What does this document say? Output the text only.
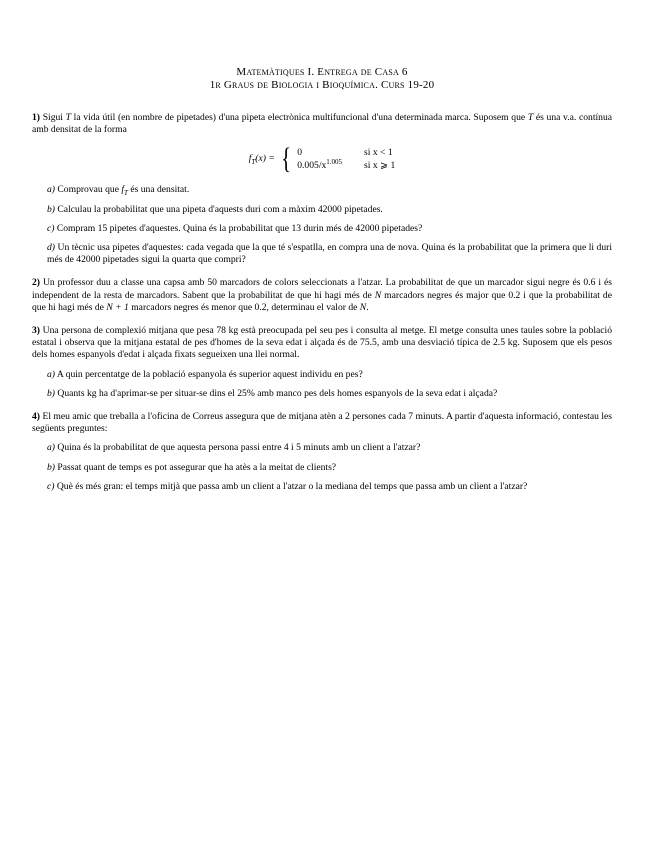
Matemàtiques I. Entrega de Casa 6
1r Graus de Biologia i Bioquímica. Curs 19-20

1) Sigui T la vida útil (en nombre de pipetades) d'una pipeta electrònica multifuncional d'una determinada marca. Suposem que T és una v.a. contínua amb densitat de la forma

$f_T(x)$ = { 0	si x < 1
$0.005/x^{1.005}$ si x ⩾ 1

a) Comprovau que $f_T$ és una densitat.

b) Calculau la probabilitat que una pipeta d'aquests duri com a màxim 42000 pipetades.

c) Compram 15 pipetes d'aquestes. Quina és la probabilitat que 13 durin més de 42000 pipetades?

d) Un tècnic usa pipetes d'aquestes: cada vegada que la que té s'espatlla, en compra una de nova. Quina és la probabilitat que la primera que li duri més de 42000 pipetades sigui la quarta que compri?

2) Un professor duu a classe una capsa amb 50 marcadors de colors seleccionats a l'atzar. La probabilitat de que un marcador sigui negre és 0.6 i és independent de la resta de marcadors. Sabent que la probabilitat de que hi hagi més de N marcadors negres és major que 0.2 i que la probabilitat de que hi hagi més de N + 1 marcadors negres és menor que 0.2, determinau el valor de N.

3) Una persona de complexió mitjana que pesa 78 kg està preocupada pel seu pes i consulta al metge. El metge consulta unes taules sobre la població estatal i observa que la mitjana estatal de pes d'homes de la seva edat i alçada és de 75.5, amb una desviació típica de 2.5 kg. Suposem que els pesos dels homes espanyols d'edat i alçada fixats segueixen una llei normal.

a) A quin percentatge de la població espanyola és superior aquest individu en pes?

b) Quants kg ha d'aprimar-se per situar-se dins el 25% amb manco pes dels homes espanyols de la seva edat i alçada?

4) El meu amic que treballa a l'oficina de Correus assegura que de mitjana atèn a 2 persones cada 7 minuts. A partir d'aquesta informació, contestau les següents preguntes:

a) Quina és la probabilitat de que aquesta persona passi entre 4 i 5 minuts amb un client a l'atzar?

b) Passat quant de temps es pot assegurar que ha atès a la meitat de clients?

c) Què és més gran: el temps mitjà que passa amb un client a l'atzar o la mediana del temps que passa amb un client a l'atzar?
